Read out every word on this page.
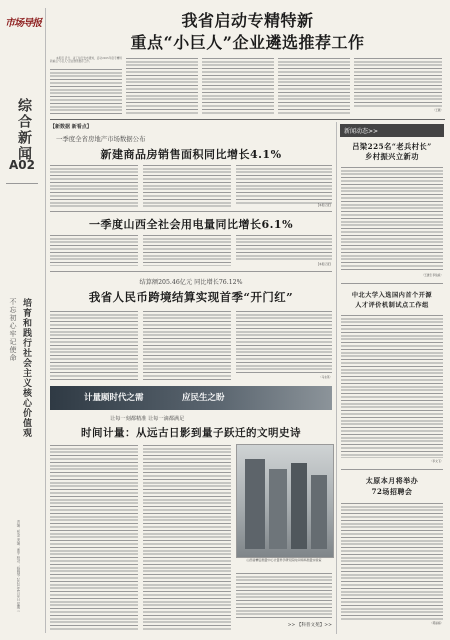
市场导报
综合新闻
A02
培育和践行社会主义核心价值观
不忘初心牢记使命
责编：张金 美编：曹宇 校对：杨晓琴 2025年4月9日 星期三
我省启动专精特新
重点“小巨人”企业遴选推荐工作

本报讯 近日，省工信厅发布通知，启动2025年度专精特新重点“小巨人”企业遴选推荐工作。

（王薇）
新闻动态>>
吕梁225名“老兵村长”
乡村振兴立新功
（王建忠 李俊斌）
中北大学入选国内首个开源
人才评价机制试点工作组
（李文飞）
太原本月将举办
72场招聘会
（郭丽娟）
【新数据 新看点】
一季度全省房地产市场数据公布
新建商品房销售面积同比增长4.1%
【本报记者】
一季度山西全社会用电量同比增长6.1%
【本报记者】
结算额205.46亿元 同比增长76.12%
我省人民币跨境结算实现首季“开门红”
（马永英）
计量顾时代之需	应民生之盼
让每一刻都精准 让每一滴都满足
时间计量：从远古日影到量子跃迁的文明史诗
山西省精密测量中心计量科学研究院时间频率测量实验室
>> 【科普文苑】>>
